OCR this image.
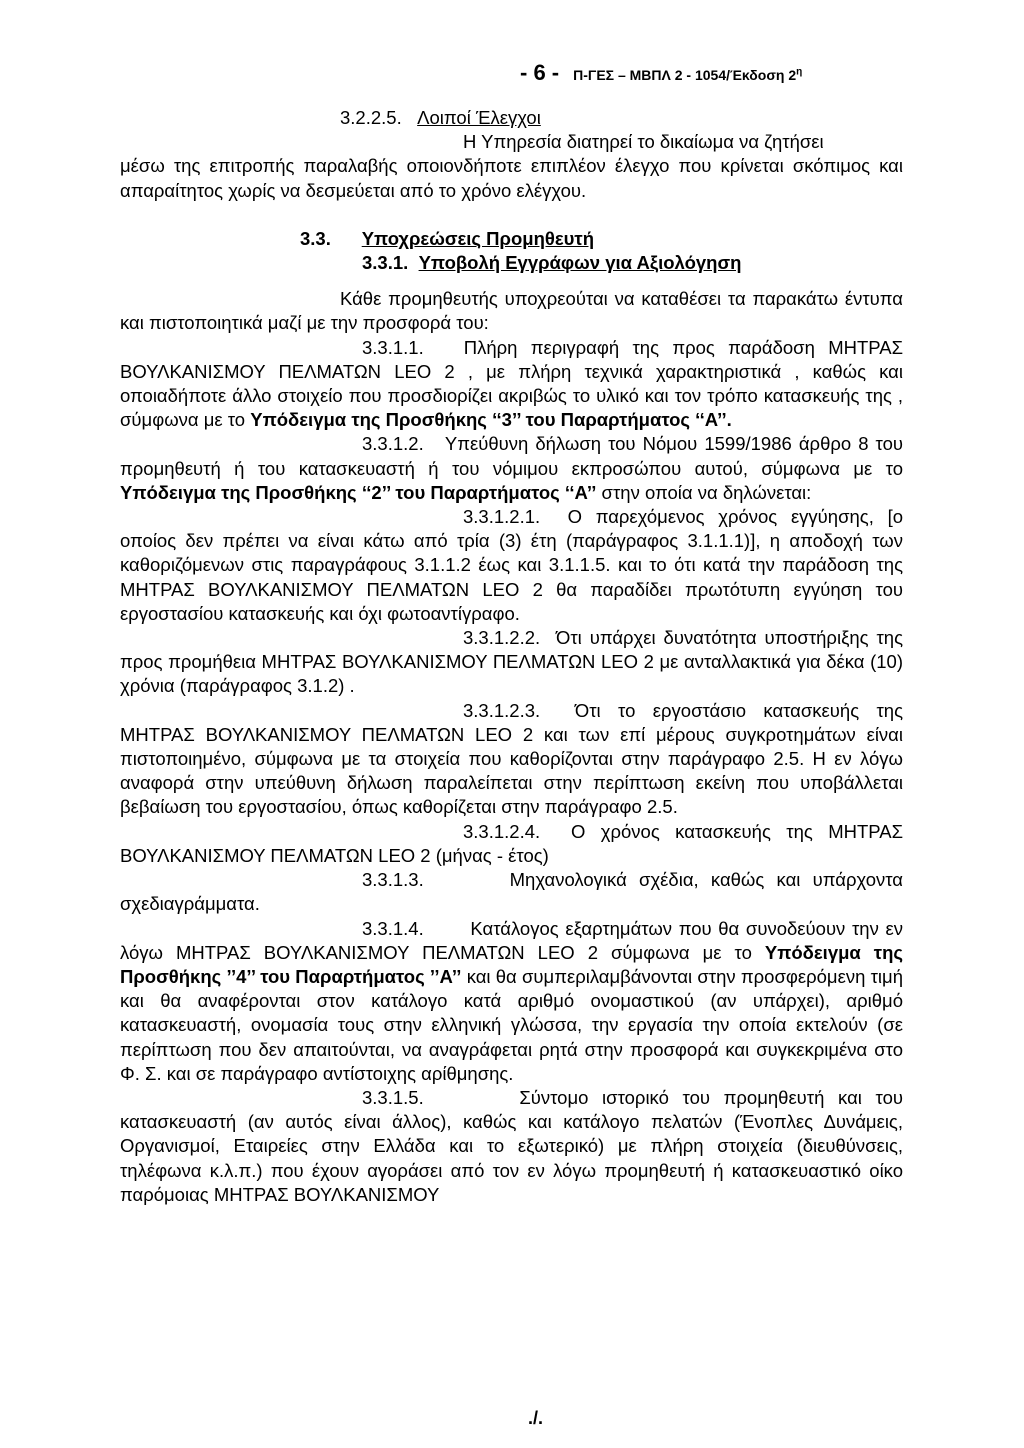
- 6 - Π-ΓΕΣ – ΜΒΠΛ 2 - 1054/Έκδοση $2^\eta$

3.2.2.5. Λοιποί Έλεγχοι

Η Υπηρεσία διατηρεί το δικαίωμα να ζητήσει

μέσω της επιτροπής παραλαβής οποιονδήποτε επιπλέον έλεγχο που κρίνεται σκόπιμος και απαραίτητος χωρίς να δεσμεύεται από το χρόνο ελέγχου.

3.3. Υποχρεώσεις Προμηθευτή

3.3.1. Υποβολή Εγγράφων για Αξιολόγηση

Κάθε προμηθευτής υποχρεούται να καταθέσει τα παρακάτω έντυπα και πιστοποιητικά μαζί με την προσφορά του:

3.3.1.1. Πλήρη περιγραφή της προς παράδοση ΜΗΤΡΑΣ ΒΟΥΛΚΑΝΙΣΜΟΥ ΠΕΛΜΑΤΩΝ LEO 2 , με πλήρη τεχνικά χαρακτηριστικά , καθώς και οποιαδήποτε άλλο στοιχείο που προσδιορίζει ακριβώς το υλικό και τον τρόπο κατασκευής της , σύμφωνα με το Υπόδειγμα της Προσθήκης ‘‘3’’ του Παραρτήματος ‘‘Α’’.

3.3.1.2. Υπεύθυνη δήλωση του Νόμου 1599/1986 άρθρο 8 του προμηθευτή ή του κατασκευαστή ή του νόμιμου εκπροσώπου αυτού, σύμφωνα με το Υπόδειγμα της Προσθήκης ‘‘2’’ του Παραρτήματος ‘‘Α’’ στην οποία να δηλώνεται:

3.3.1.2.1. Ο παρεχόμενος χρόνος εγγύησης, [ο οποίος δεν πρέπει να είναι κάτω από τρία (3) έτη (παράγραφος 3.1.1.1)], η αποδοχή των καθοριζόμενων στις παραγράφους 3.1.1.2 έως και 3.1.1.5. και το ότι κατά την παράδοση της ΜΗΤΡΑΣ ΒΟΥΛΚΑΝΙΣΜΟΥ ΠΕΛΜΑΤΩΝ LEO 2 θα παραδίδει πρωτότυπη εγγύηση του εργοστασίου κατασκευής και όχι φωτοαντίγραφο.

3.3.1.2.2. Ότι υπάρχει δυνατότητα υποστήριξης της προς προμήθεια ΜΗΤΡΑΣ ΒΟΥΛΚΑΝΙΣΜΟΥ ΠΕΛΜΑΤΩΝ LEO 2 με ανταλλακτικά για δέκα (10) χρόνια (παράγραφος 3.1.2) .

3.3.1.2.3. Ότι το εργοστάσιο κατασκευής της ΜΗΤΡΑΣ ΒΟΥΛΚΑΝΙΣΜΟΥ ΠΕΛΜΑΤΩΝ LEO 2 και των επί μέρους συγκροτημάτων είναι πιστοποιημένο, σύμφωνα με τα στοιχεία που καθορίζονται στην παράγραφο 2.5. Η εν λόγω αναφορά στην υπεύθυνη δήλωση παραλείπεται στην περίπτωση εκείνη που υποβάλλεται βεβαίωση του εργοστασίου, όπως καθορίζεται στην παράγραφο 2.5.

3.3.1.2.4. Ο χρόνος κατασκευής της ΜΗΤΡΑΣ ΒΟΥΛΚΑΝΙΣΜΟΥ ΠΕΛΜΑΤΩΝ LEO 2 (μήνας - έτος)

3.3.1.3.	Μηχανολογικά σχέδια, καθώς και υπάρχοντα σχεδιαγράμματα.

3.3.1.4.	Κατάλογος εξαρτημάτων που θα συνοδεύουν την εν λόγω ΜΗΤΡΑΣ ΒΟΥΛΚΑΝΙΣΜΟΥ ΠΕΛΜΑΤΩΝ LEO 2 σύμφωνα με το Υπόδειγμα της Προσθήκης ’’4’’ του Παραρτήματος ’’Α’’ και θα συμπεριλαμβάνονται στην προσφερόμενη τιμή και θα αναφέρονται στον κατάλογο κατά αριθμό ονομαστικού (αν υπάρχει), αριθμό κατασκευαστή, ονομασία τους στην ελληνική γλώσσα, την εργασία την οποία εκτελούν (σε περίπτωση που δεν απαιτούνται, να αναγράφεται ρητά στην προσφορά και συγκεκριμένα στο Φ. Σ. και σε παράγραφο αντίστοιχης αρίθμησης.

3.3.1.5.	Σύντομο ιστορικό του προμηθευτή και του κατασκευαστή (αν αυτός είναι άλλος), καθώς και κατάλογο πελατών (Ένοπλες Δυνάμεις, Οργανισμοί, Εταιρείες στην Ελλάδα και το εξωτερικό) με πλήρη στοιχεία (διευθύνσεις, τηλέφωνα κ.λ.π.) που έχουν αγοράσει από τον εν λόγω προμηθευτή ή κατασκευαστικό οίκο παρόμοιας ΜΗΤΡΑΣ ΒΟΥΛΚΑΝΙΣΜΟΥ

./.
